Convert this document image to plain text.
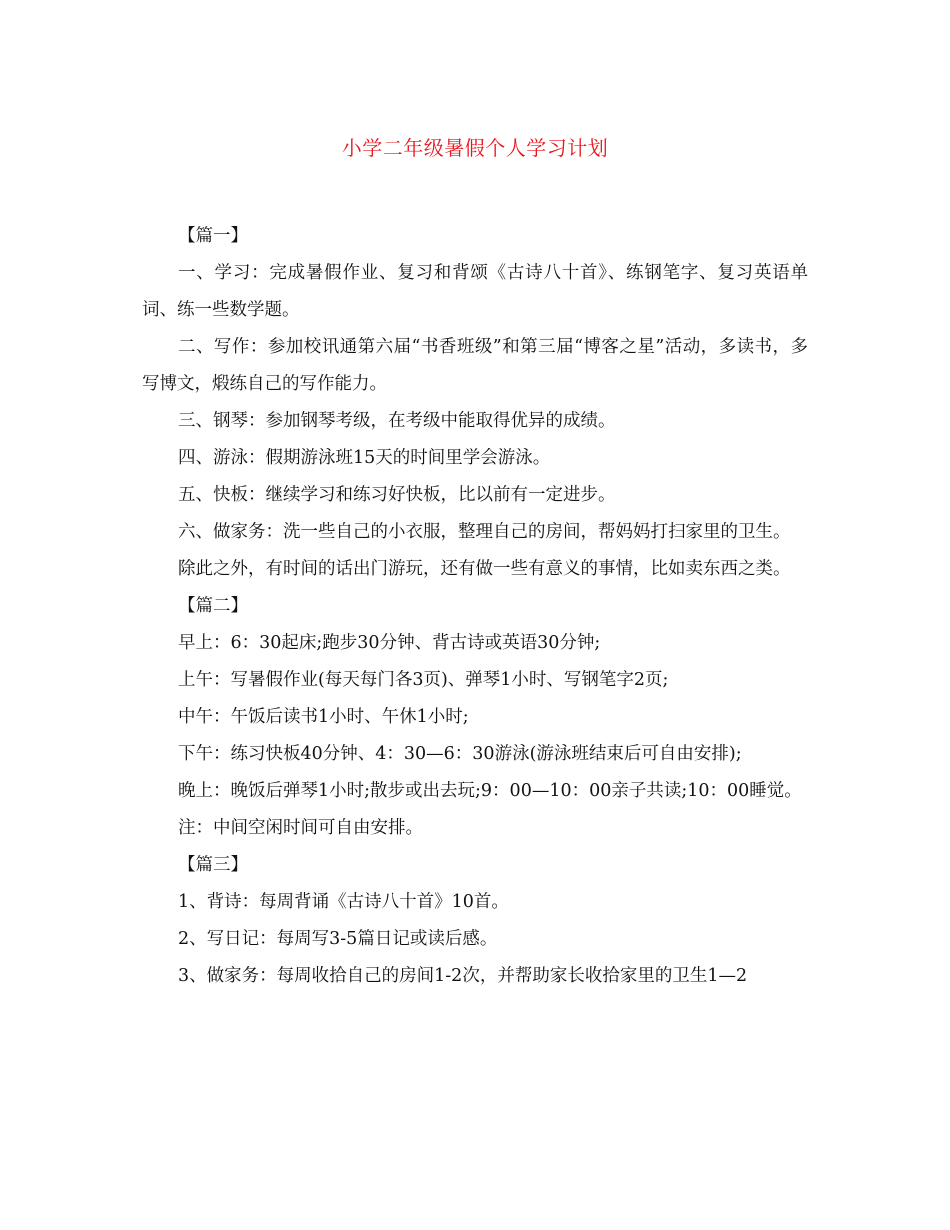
小学二年级暑假个人学习计划

【篇一】

一、学习：完成暑假作业、复习和背颂《古诗八十首》、练钢笔字、复习英语单词、练一些数学题。

二、写作：参加校讯通第六届“书香班级”和第三届“博客之星”活动，多读书，多写博文，煅练自己的写作能力。

三、钢琴：参加钢琴考级，在考级中能取得优异的成绩。

四、游泳：假期游泳班15天的时间里学会游泳。

五、快板：继续学习和练习好快板，比以前有一定进步。

六、做家务：洗一些自己的小衣服，整理自己的房间，帮妈妈打扫家里的卫生。

除此之外，有时间的话出门游玩，还有做一些有意义的事情，比如卖东西之类。

【篇二】

早上：6：30起床;跑步30分钟、背古诗或英语30分钟;

上午：写暑假作业(每天每门各3页)、弹琴1小时、写钢笔字2页;

中午：午饭后读书1小时、午休1小时;

下午：练习快板40分钟、4：30—6：30游泳(游泳班结束后可自由安排);

晚上：晚饭后弹琴1小时;散步或出去玩;9：00—10：00亲子共读;10：00睡觉。

注：中间空闲时间可自由安排。

【篇三】

1、背诗：每周背诵《古诗八十首》10首。

2、写日记：每周写3-5篇日记或读后感。

3、做家务：每周收拾自己的房间1-2次，并帮助家长收拾家里的卫生1—2
